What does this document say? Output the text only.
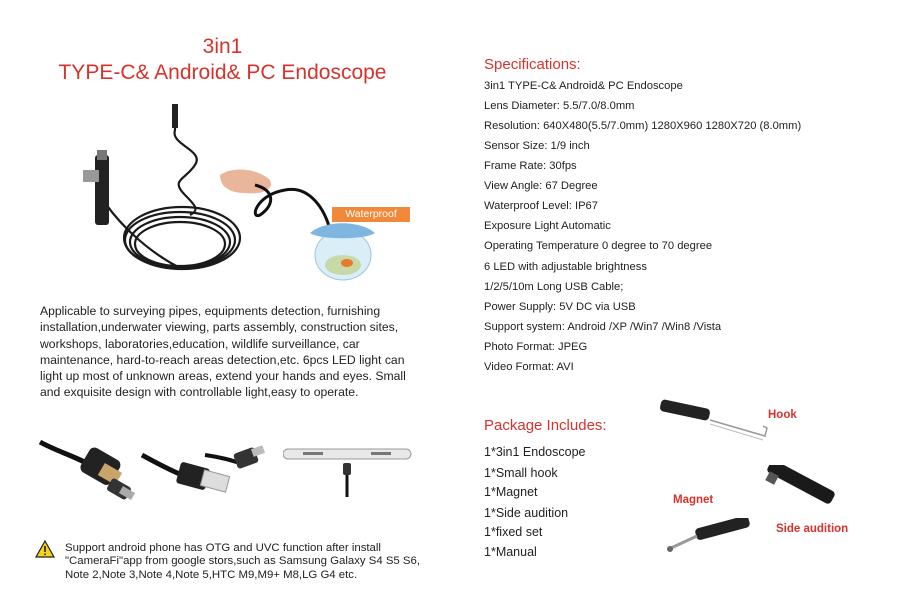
3in1
TYPE-C& Android& PC Endoscope
Waterproof
Applicable to surveying pipes, equipments detection, furnishing installation,underwater viewing, parts assembly, construction sites, workshops, laboratories,education, wildlife surveillance, car maintenance, hard-to-reach areas detection,etc. 6pcs LED light can light up most of unknown areas, extend your hands and eyes. Small and exquisite design with controllable light,easy to operate.
Support android phone has OTG and UVC function after install "CameraFi"app from google stors,such as Samsung Galaxy S4 S5 S6, Note 2,Note 3,Note 4,Note 5,HTC M9,M9+ M8,LG G4 etc.
Specifications:
3in1 TYPE-C& Android& PC Endoscope
Lens Diameter: 5.5/7.0/8.0mm
Resolution: 640X480(5.5/7.0mm) 1280X960 1280X720 (8.0mm)
Sensor Size: 1/9 inch
Frame Rate: 30fps
View Angle: 67 Degree
Waterproof Level: IP67
Exposure Light Automatic
Operating Temperature 0 degree to 70 degree
6 LED with adjustable brightness
1/2/5/10m Long USB Cable;
Power Supply: 5V DC via USB
Support system: Android /XP /Win7 /Win8 /Vista
Photo Format: JPEG
Video Format: AVI
Package Includes:
1*3in1 Endoscope
1*Small hook
1*Magnet
1*Side audition
1*fixed set
1*Manual
Hook
Side audition
Magnet
